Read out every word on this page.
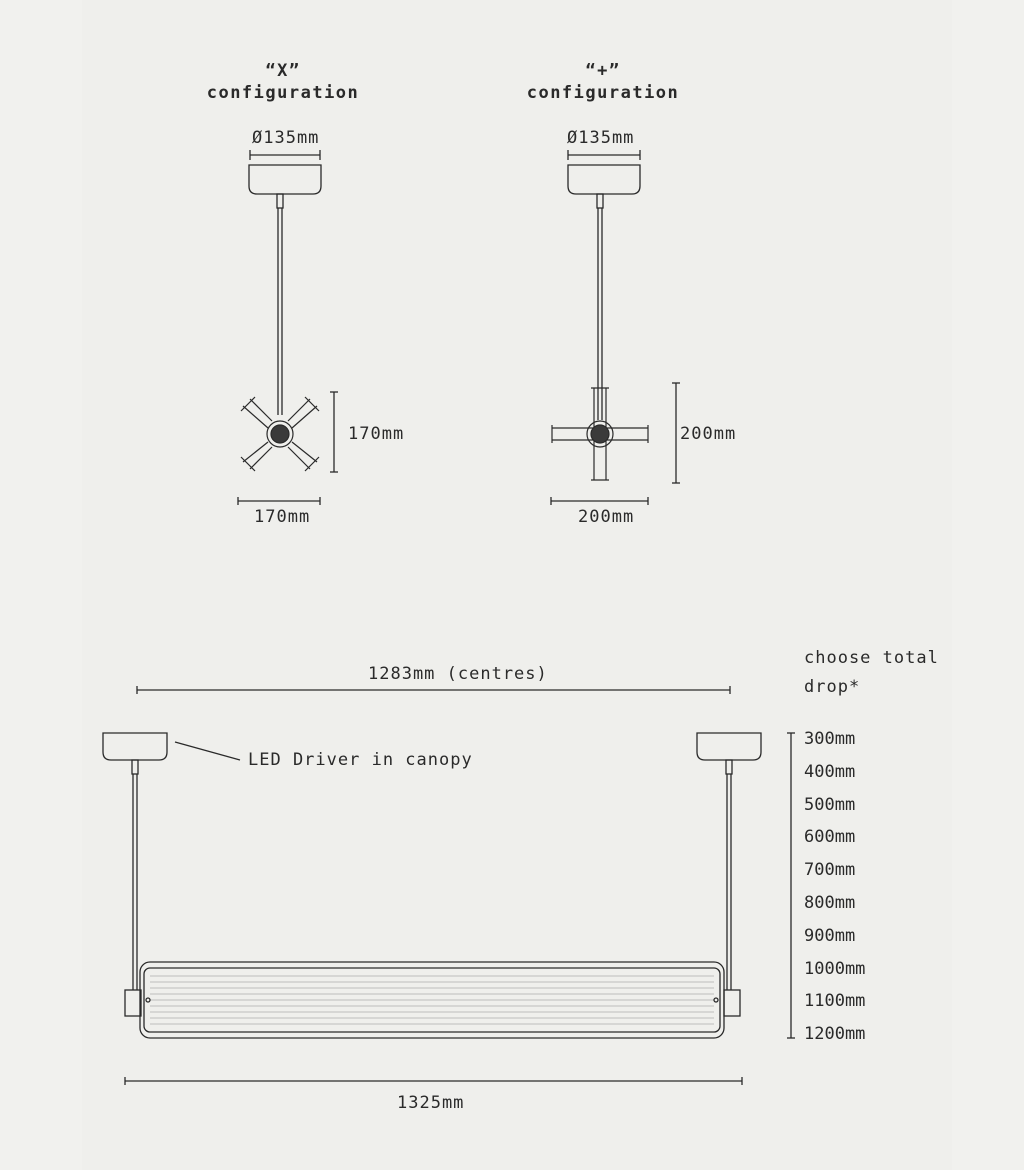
“X”
configuration
Ø135mm
170mm
170mm
“+”
configuration
Ø135mm
200mm
200mm
1283mm (centres)
LED Driver in canopy
1325mm
choose total
drop*
300mm
400mm
500mm
600mm
700mm
800mm
900mm
1000mm
1100mm
1200mm
